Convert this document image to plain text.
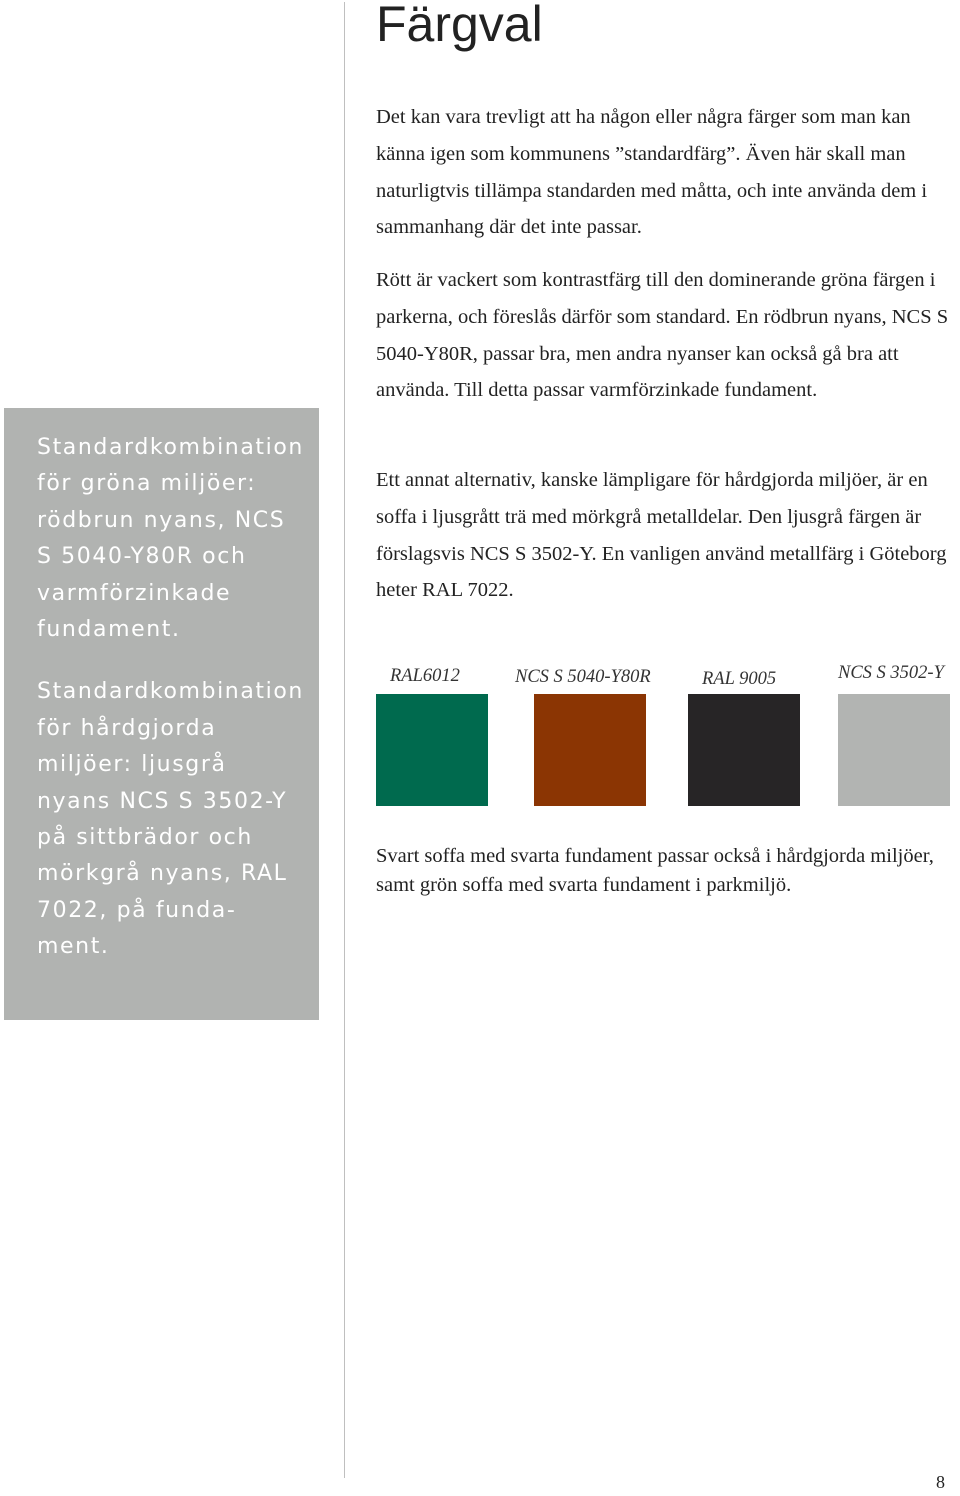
Färgval

Standardkombination för gröna miljöer: rödbrun nyans, NCS S 5040-Y80R och varmförzinkade fundament.

Standardkombination för hårdgjorda miljöer: ljusgrå nyans NCS S 3502-Y på sittbrädor och mörkgrå nyans, RAL 7022, på funda-ment.

Det kan vara trevligt att ha någon eller några färger som man kan känna igen som kommunens ”standardfärg”. Även här skall man naturligtvis tillämpa standarden med måtta, och inte använda dem i sammanhang där det inte passar.

Rött är vackert som kontrastfärg till den dominerande gröna färgen i parkerna, och föreslås därför som standard. En rödbrun nyans, NCS S 5040-Y80R, passar bra, men andra nyanser kan också gå bra att använda. Till detta passar varmförzinkade fundament.

Ett annat alternativ, kanske lämpligare för hårdgjorda miljöer, är en soffa i ljusgrått trä med mörkgrå metalldelar. Den ljusgrå färgen är förslagsvis NCS S 3502-Y. En vanligen använd metallfärg i Göteborg heter RAL 7022.

RAL6012	NCS S 5040-Y80R	RAL 9005	NCS S 3502-Y

Svart soffa med svarta fundament passar också i hårdgjorda miljöer, samt grön soffa med svarta fundament i parkmiljö.

8
